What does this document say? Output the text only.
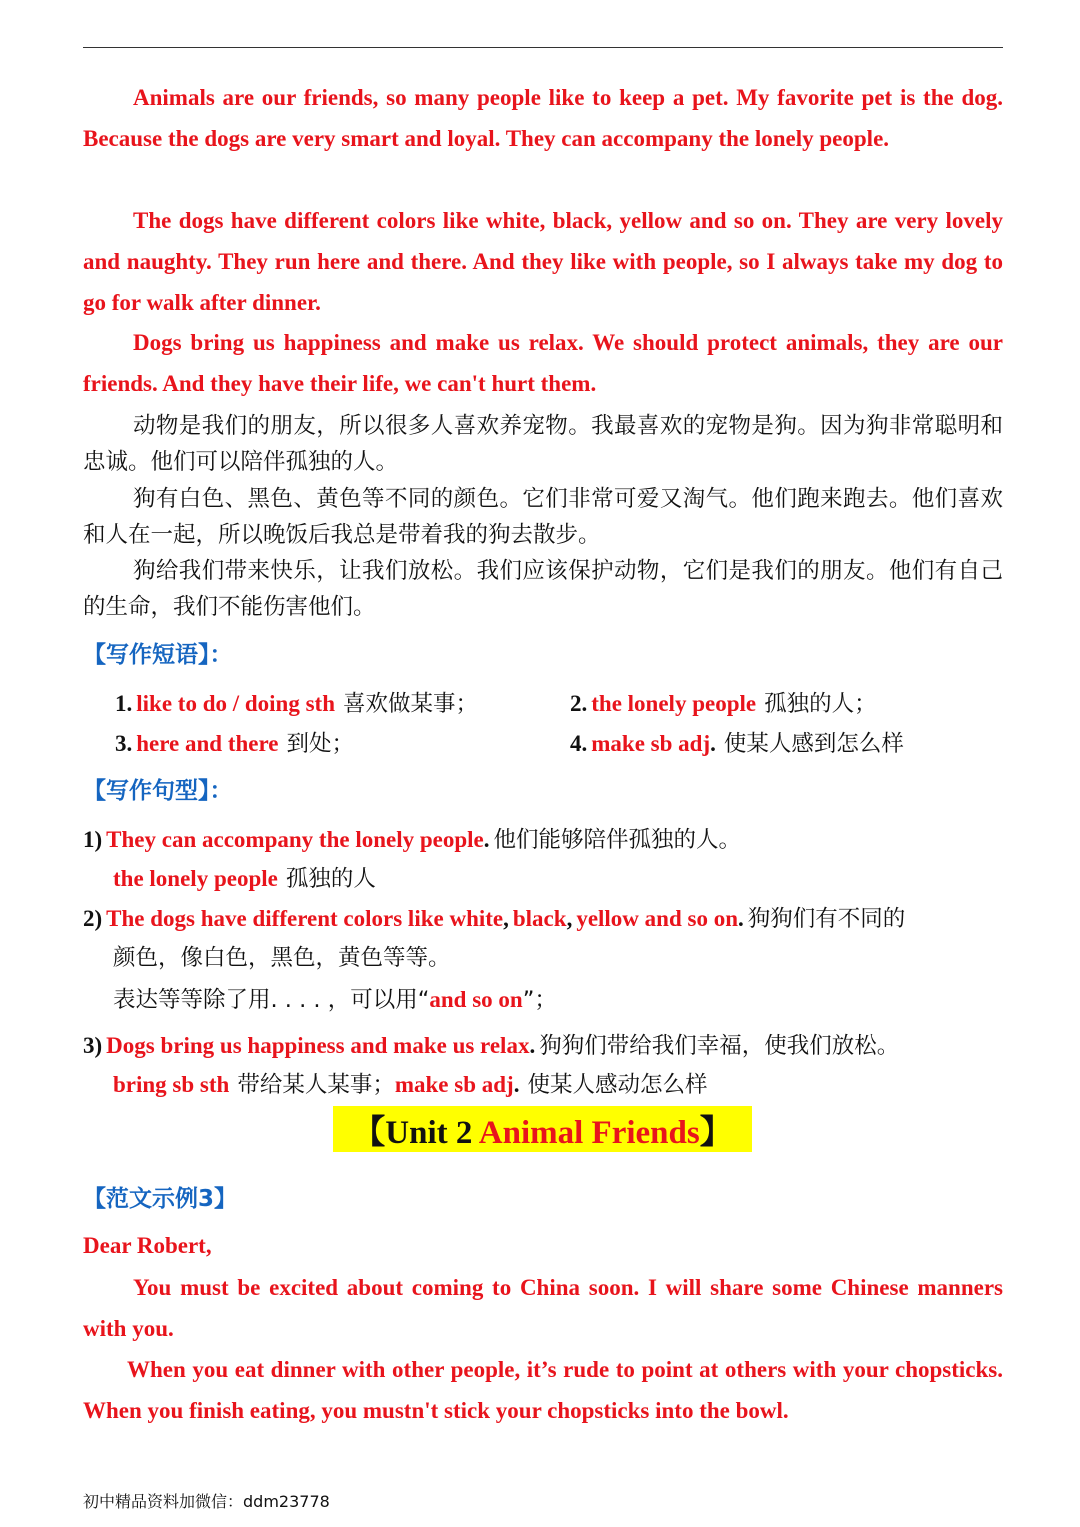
Animals are our friends, so many people like to keep a pet. My favorite pet is the dog. Because the dogs are very smart and loyal. They can accompany the lonely people.
The dogs have different colors like white, black, yellow and so on. They are very lovely and naughty. They run here and there. And they like with people, so I always take my dog to go for walk after dinner.
Dogs bring us happiness and make us relax. We should protect animals, they are our friends. And they have their life, we can't hurt them.
动物是我们的朋友，所以很多人喜欢养宠物。我最喜欢的宠物是狗。因为狗非常聪明和忠诚。他们可以陪伴孤独的人。
狗有白色、黑色、黄色等不同的颜色。它们非常可爱又淘气。他们跑来跑去。他们喜欢和人在一起，所以晚饭后我总是带着我的狗去散步。
狗给我们带来快乐，让我们放松。我们应该保护动物，它们是我们的朋友。他们有自己的生命，我们不能伤害他们。
【写作短语】：
1. like to do / doing sth 喜欢做某事；	2. the lonely people 孤独的人；
3. here and there 到处；	4. make sb adj. 使某人感到怎么样
【写作句型】：
1) They can accompany the lonely people. 他们能够陪伴孤独的人。
the lonely people 孤独的人
2) The dogs have different colors like white, black, yellow and so on. 狗狗们有不同的
颜色，像白色，黑色，黄色等等。
表达等等除了用. . . . ，可以用“and so on”；
3) Dogs bring us happiness and make us relax. 狗狗们带给我们幸福，使我们放松。
bring sb sth 带给某人某事；make sb adj. 使某人感动怎么样
【Unit 2 Animal Friends】
【范文示例3】
Dear Robert,
You must be excited about coming to China soon. I will share some Chinese manners with you.
When you eat dinner with other people, it’s rude to point at others with your chopsticks. When you finish eating, you mustn't stick your chopsticks into the bowl.
初中精品资料加微信：ddm23778
